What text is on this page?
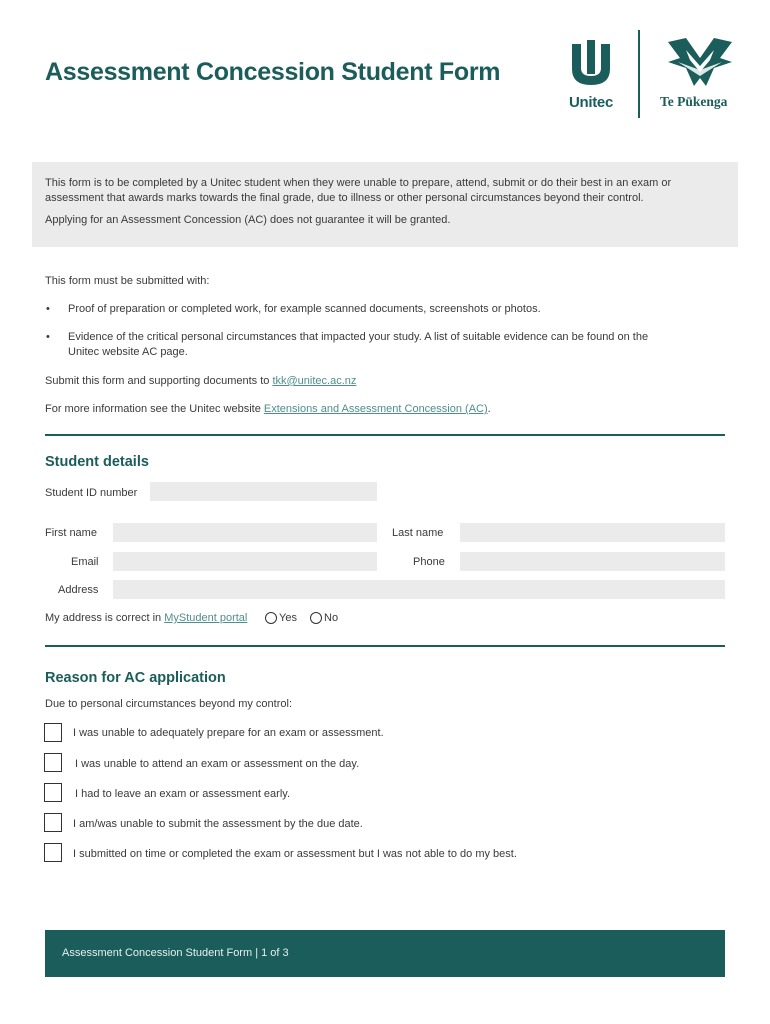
Assessment Concession Student Form
Unitec	Te Pūkenga

This form is to be completed by a Unitec student when they were unable to prepare, attend, submit or do their best in an exam or assessment that awards marks towards the final grade, due to illness or other personal circumstances beyond their control.

Applying for an Assessment Concession (AC) does not guarantee it will be granted.

This form must be submitted with:
• Proof of preparation or completed work, for example scanned documents, screenshots or photos.
• Evidence of the critical personal circumstances that impacted your study. A list of suitable evidence can be found on the Unitec website AC page.
Submit this form and supporting documents to tkk@unitec.ac.nz
For more information see the Unitec website Extensions and Assessment Concession (AC).
Student details
Student ID number
First name	Last name
Email	Phone
Address
My address is correct in MyStudent portal	Yes No
Reason for AC application
Due to personal circumstances beyond my control:
I was unable to adequately prepare for an exam or assessment.
I was unable to attend an exam or assessment on the day.
I had to leave an exam or assessment early.
I am/was unable to submit the assessment by the due date.
I submitted on time or completed the exam or assessment but I was not able to do my best.
Assessment Concession Student Form | 1 of 3
